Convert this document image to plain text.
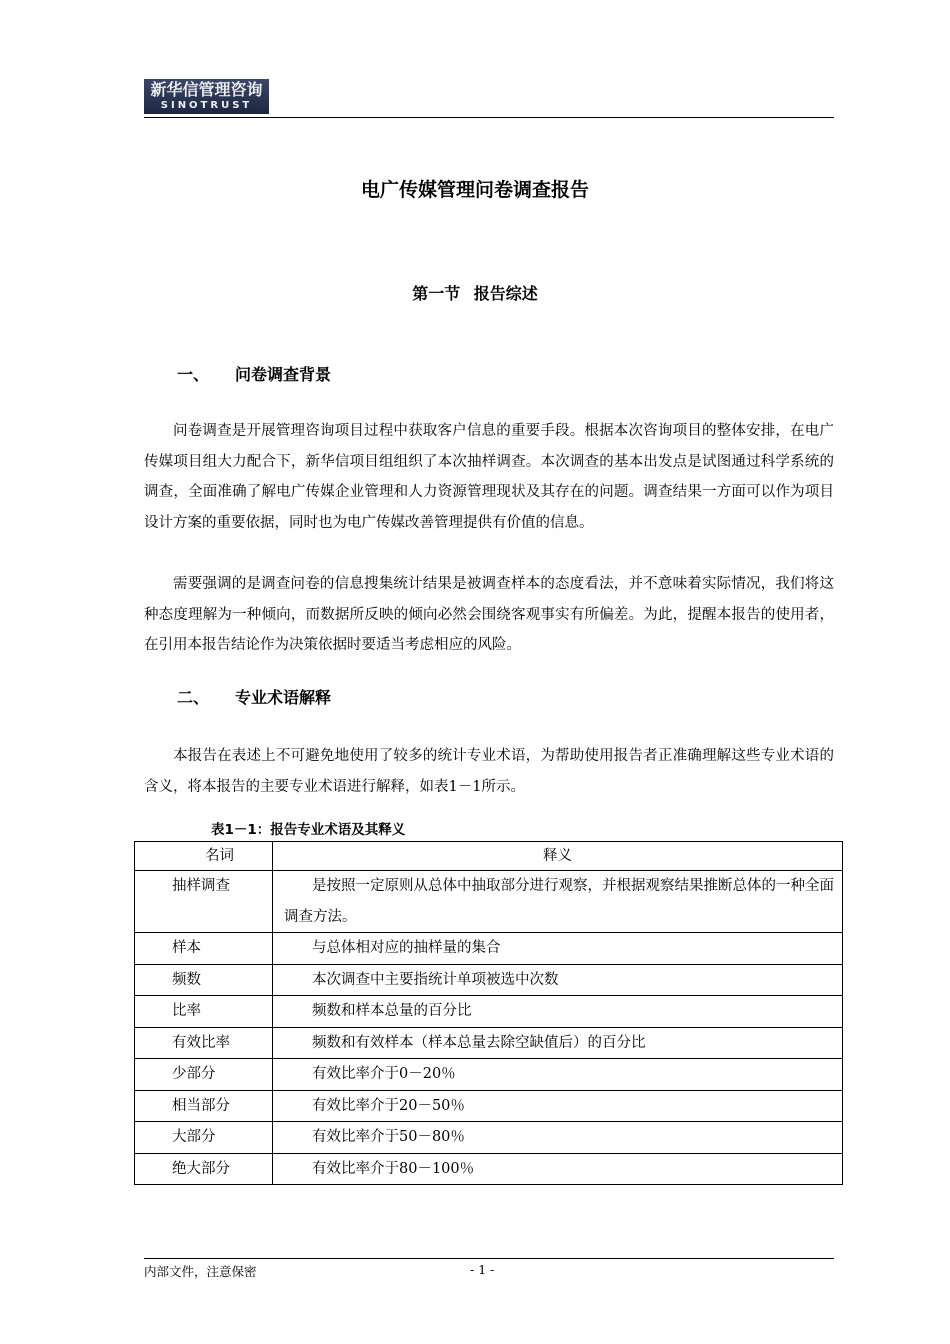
新华信管理咨询
SINOTRUST
电广传媒管理问卷调查报告
第一节 报告综述
一、 问卷调查背景
问卷调查是开展管理咨询项目过程中获取客户信息的重要手段。根据本次咨询项目的整体安排，在电广传媒项目组大力配合下，新华信项目组组织了本次抽样调查。本次调查的基本出发点是试图通过科学系统的调查，全面准确了解电广传媒企业管理和人力资源管理现状及其存在的问题。调查结果一方面可以作为项目设计方案的重要依据，同时也为电广传媒改善管理提供有价值的信息。
需要强调的是调查问卷的信息搜集统计结果是被调查样本的态度看法，并不意味着实际情况，我们将这种态度理解为一种倾向，而数据所反映的倾向必然会围绕客观事实有所偏差。为此，提醒本报告的使用者，在引用本报告结论作为决策依据时要适当考虑相应的风险。
二、 专业术语解释
本报告在表述上不可避免地使用了较多的统计专业术语，为帮助使用报告者正准确理解这些专业术语的含义，将本报告的主要专业术语进行解释，如表1－1所示。
表1－1：报告专业术语及其释义
名词	释义

抽样调查	是按照一定原则从总体中抽取部分进行观察，并根据观察结果推断总体的一种全面调查方法。

样本	与总体相对应的抽样量的集合

频数	本次调查中主要指统计单项被选中次数

比率	频数和样本总量的百分比

有效比率	频数和有效样本（样本总量去除空缺值后）的百分比

少部分	有效比率介于0－20％

相当部分	有效比率介于20－50％

大部分	有效比率介于50－80％

绝大部分	有效比率介于80－100％
内部文件，注意保密	- 1 -
